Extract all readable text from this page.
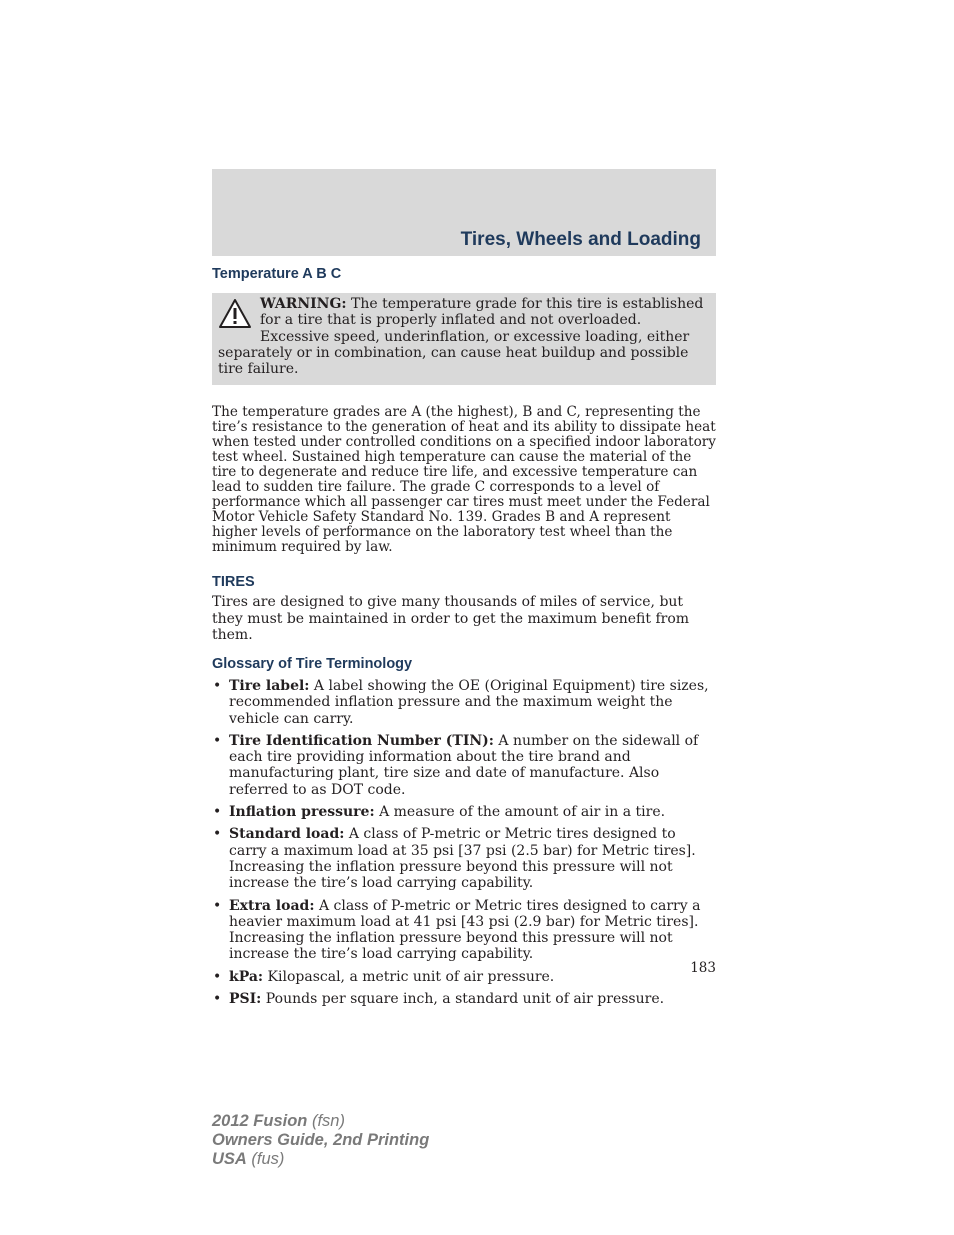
Tires, Wheels and Loading
Temperature A B C
WARNING: The temperature grade for this tire is established for a tire that is properly inflated and not overloaded. Excessive speed, underinflation, or excessive loading, either separately or in combination, can cause heat buildup and possible tire failure.

The temperature grades are A (the highest), B and C, representing the tire’s resistance to the generation of heat and its ability to dissipate heat when tested under controlled conditions on a specified indoor laboratory test wheel. Sustained high temperature can cause the material of the tire to degenerate and reduce tire life, and excessive temperature can lead to sudden tire failure. The grade C corresponds to a level of performance which all passenger car tires must meet under the Federal Motor Vehicle Safety Standard No. 139. Grades B and A represent higher levels of performance on the laboratory test wheel than the minimum required by law.

TIRES

Tires are designed to give many thousands of miles of service, but they must be maintained in order to get the maximum benefit from them.

Glossary of Tire Terminology
• Tire label: A label showing the OE (Original Equipment) tire sizes, recommended inflation pressure and the maximum weight the vehicle can carry.
• Tire Identification Number (TIN): A number on the sidewall of each tire providing information about the tire brand and manufacturing plant, tire size and date of manufacture. Also referred to as DOT code.
• Inflation pressure: A measure of the amount of air in a tire.
• Standard load: A class of P-metric or Metric tires designed to carry a maximum load at 35 psi [37 psi (2.5 bar) for Metric tires]. Increasing the inflation pressure beyond this pressure will not increase the tire’s load carrying capability.
• Extra load: A class of P-metric or Metric tires designed to carry a heavier maximum load at 41 psi [43 psi (2.9 bar) for Metric tires]. Increasing the inflation pressure beyond this pressure will not increase the tire’s load carrying capability.
• kPa: Kilopascal, a metric unit of air pressure.
• PSI: Pounds per square inch, a standard unit of air pressure.
183
2012 Fusion (fsn)
Owners Guide, 2nd Printing
USA (fus)
